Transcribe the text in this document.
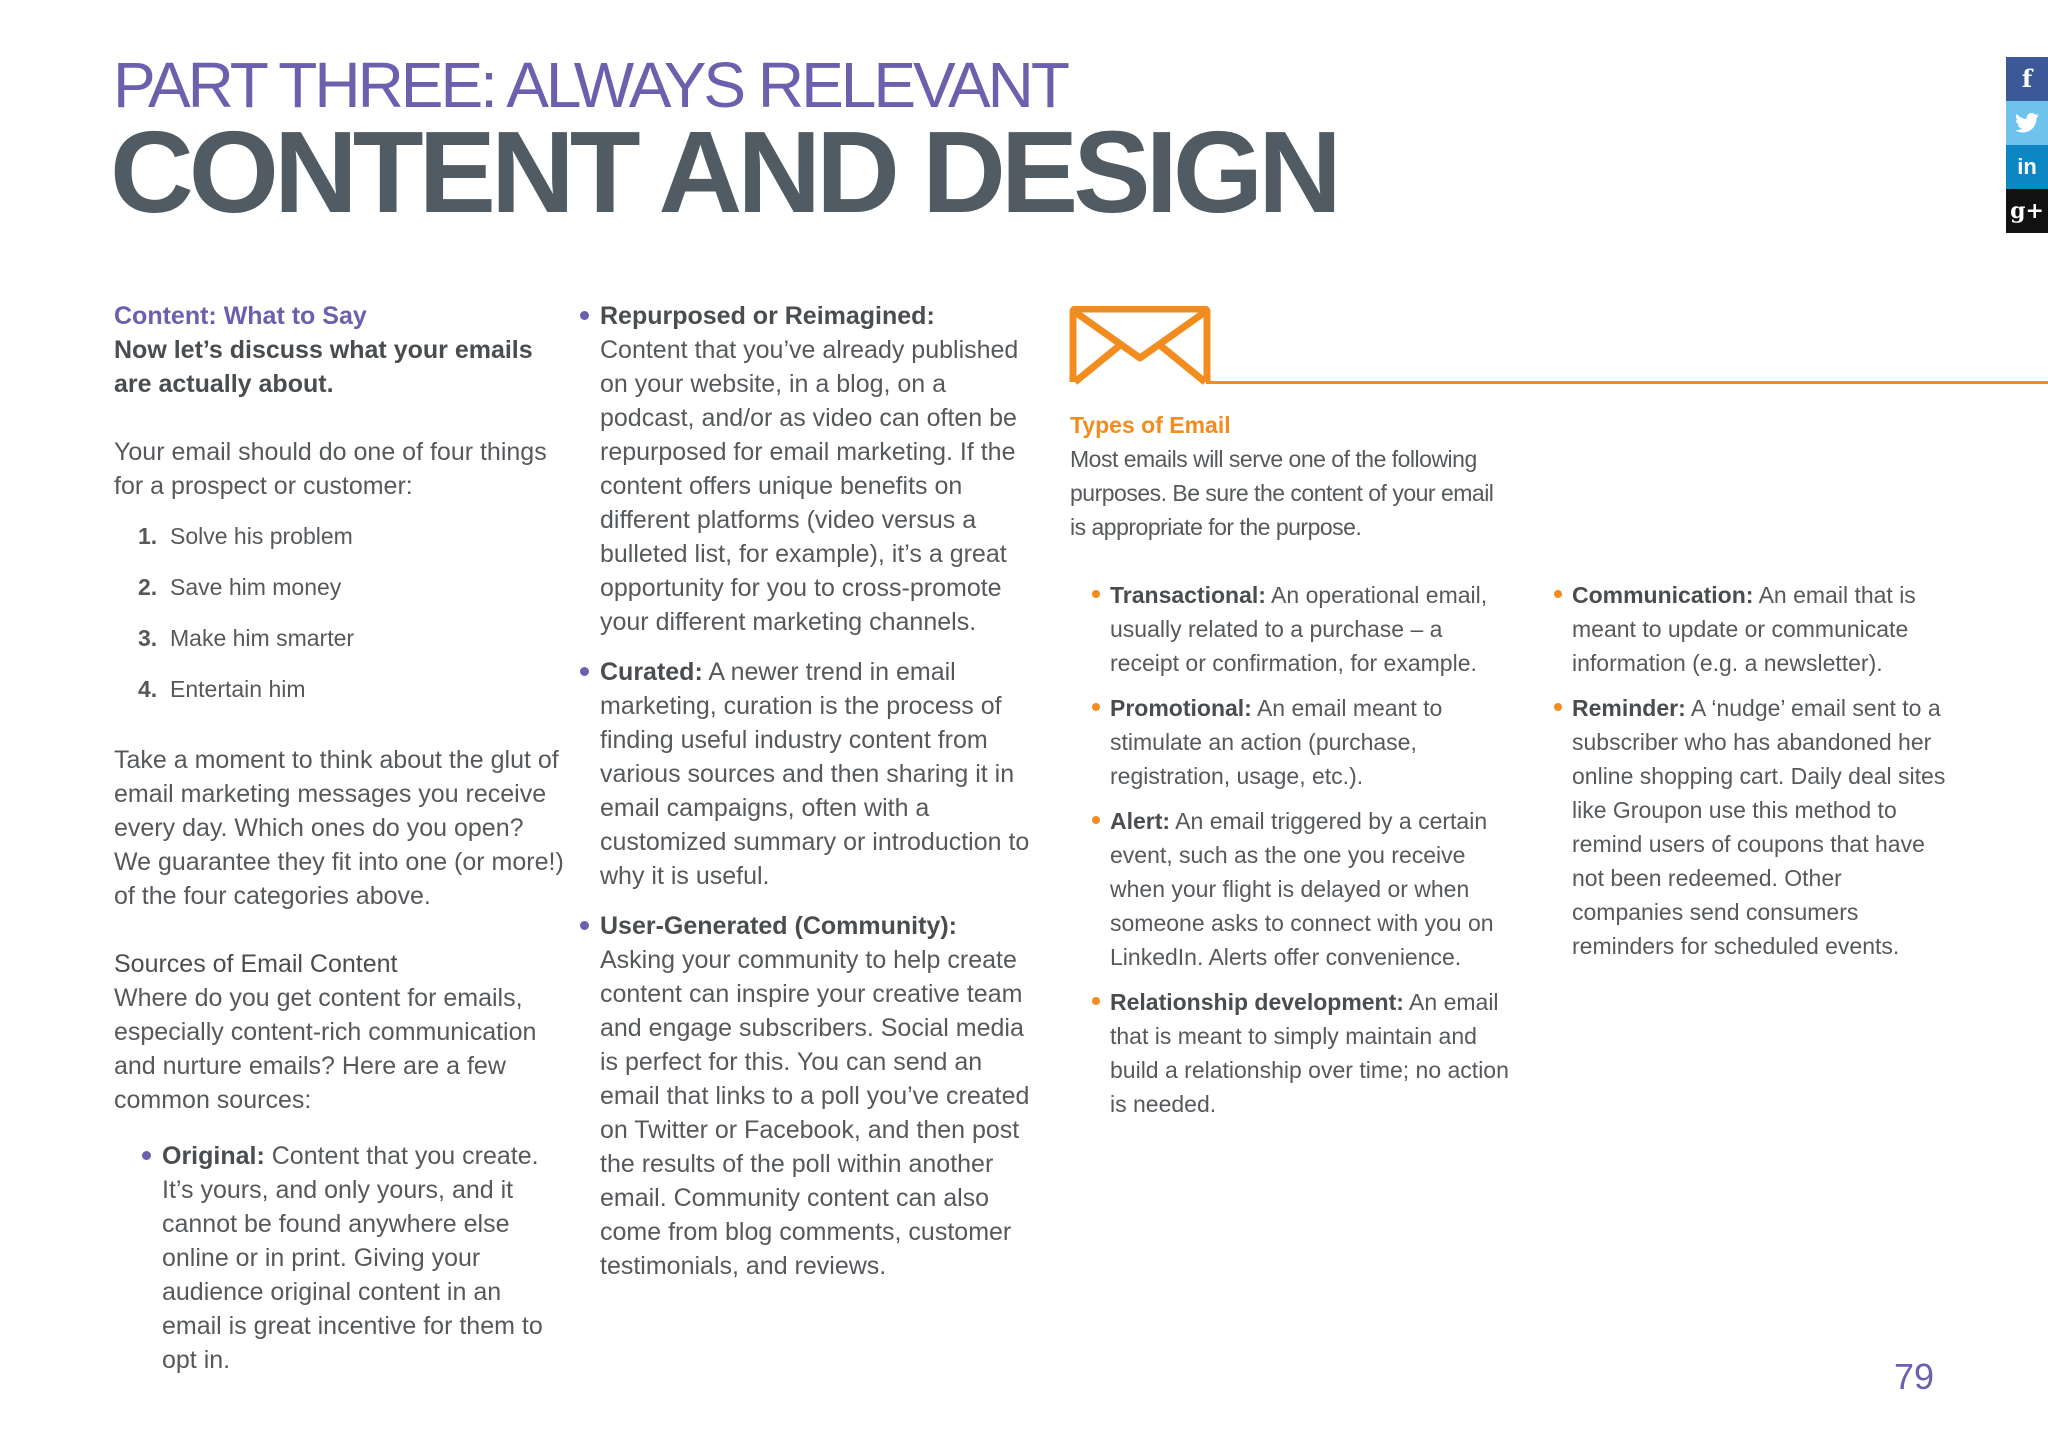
PART THREE: ALWAYS RELEVANT
CONTENT AND DESIGN
f
in
g+

Content: What to Say

Now let’s discuss what your emails are actually about.

Your email should do one of four things for a prospect or customer:

1. Solve his problem
2. Save him money
3. Make him smarter
4. Entertain him

Take a moment to think about the glut of email marketing messages you receive every day. Which ones do you open? We guarantee they fit into one (or more!) of the four categories above.

Sources of Email Content

Where do you get content for emails, especially content-rich communication and nurture emails? Here are a few common sources:

Original: Content that you create. It’s yours, and only yours, and it cannot be found anywhere else online or in print. Giving your audience original content in an email is great incentive for them to opt in.

Repurposed or Reimagined:
Content that you’ve already published on your website, in a blog, on a podcast, and/or as video can often be repurposed for email marketing. If the content offers unique benefits on different platforms (video versus a bulleted list, for example), it’s a great opportunity for you to cross-promote your different marketing channels.

Curated: A newer trend in email marketing, curation is the process of finding useful industry content from various sources and then sharing it in email campaigns, often with a customized summary or introduction to why it is useful.

User-Generated (Community):
Asking your community to help create content can inspire your creative team and engage subscribers. Social media is perfect for this. You can send an email that links to a poll you’ve created on Twitter or Facebook, and then post the results of the poll within another email. Community content can also come from blog comments, customer testimonials, and reviews.

Types of Email

Most emails will serve one of the following purposes. Be sure the content of your email is appropriate for the purpose.

Transactional: An operational email, usually related to a purchase – a receipt or confirmation, for example.

Promotional: An email meant to stimulate an action (purchase, registration, usage, etc.).

Alert: An email triggered by a certain event, such as the one you receive when your flight is delayed or when someone asks to connect with you on LinkedIn. Alerts offer convenience.

Relationship development: An email that is meant to simply maintain and build a relationship over time; no action is needed.

Communication: An email that is meant to update or communicate information (e.g. a newsletter).

Reminder: A ‘nudge’ email sent to a subscriber who has abandoned her online shopping cart. Daily deal sites like Groupon use this method to remind users of coupons that have not been redeemed. Other companies send consumers reminders for scheduled events.

79
